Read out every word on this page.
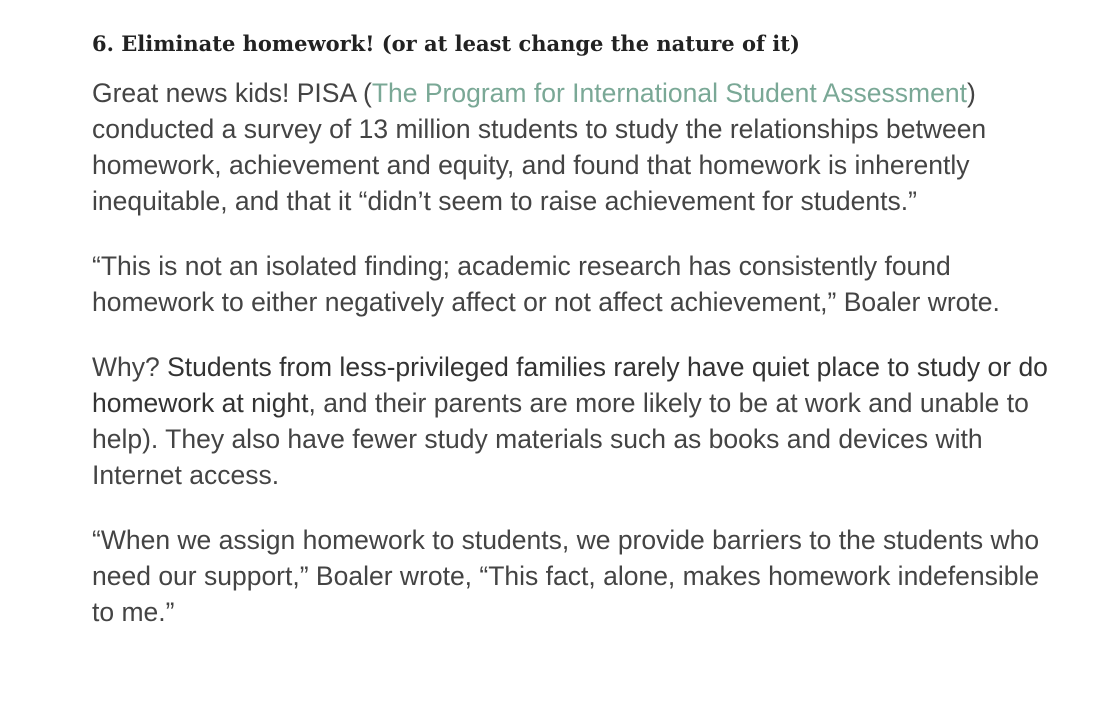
6. Eliminate homework! (or at least change the nature of it)

Great news kids! PISA (The Program for International Student Assessment) conducted a survey of 13 million students to study the relationships between homework, achievement and equity, and found that homework is inherently inequitable, and that it “didn’t seem to raise achievement for students.”

“This is not an isolated finding; academic research has consistently found homework to either negatively affect or not affect achievement,” Boaler wrote.

Why? Students from less-privileged families rarely have quiet place to study or do homework at night, and their parents are more likely to be at work and unable to help). They also have fewer study materials such as books and devices with Internet access.

“When we assign homework to students, we provide barriers to the students who need our support,” Boaler wrote, “This fact, alone, makes homework indefensible to me.”
